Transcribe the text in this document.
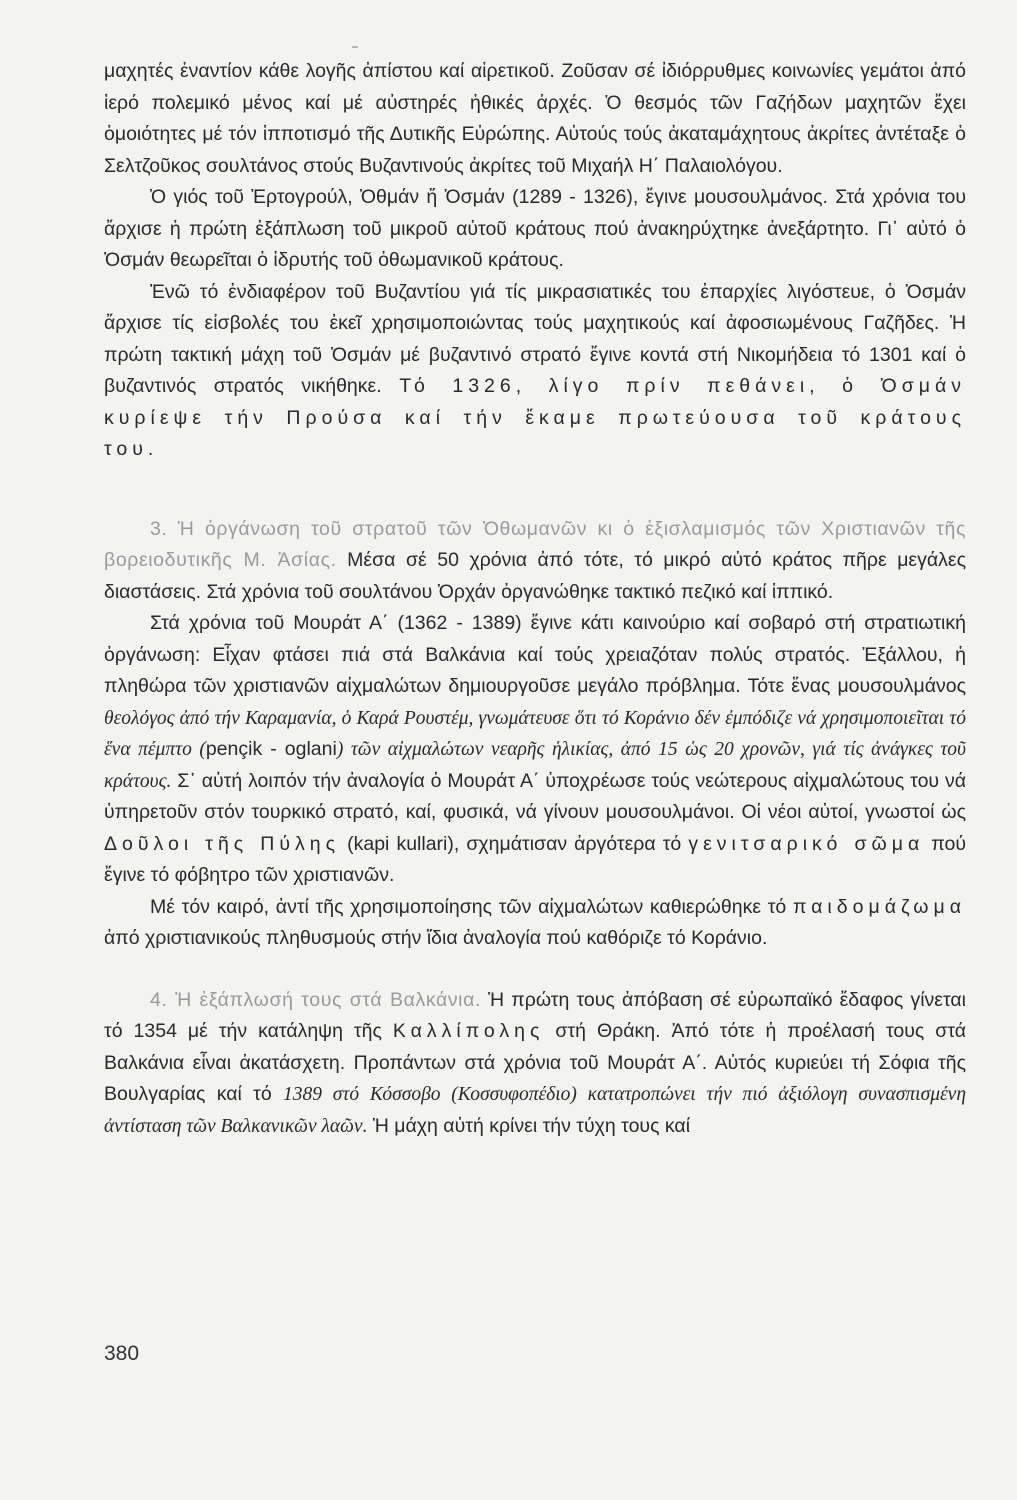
μαχητές ἐναντίον κάθε λογῆς ἀπίστου καί αἱρετικοῦ. Ζοῦσαν σέ ἰδιόρρυθμες κοινωνίες γεμάτοι ἀπό ἱερό πολεμικό μένος καί μέ αὐστηρές ἠθικές ἀρχές. Ὁ θεσμός τῶν Γαζήδων μαχητῶν ἔχει ὁμοιότητες μέ τόν ἱπποτισμό τῆς Δυτικῆς Εὐρώπης. Αὐτούς τούς ἀκαταμάχητους ἀκρίτες ἀντέταξε ὁ Σελτζοῦκος σουλτάνος στούς Βυζαντινούς ἀκρίτες τοῦ Μιχαήλ Η΄ Παλαιολόγου.

Ὁ γιός τοῦ Ἐρτογρούλ, Ὀθμάν ἤ Ὀσμάν (1289 - 1326), ἔγινε μουσουλμάνος. Στά χρόνια του ἄρχισε ἡ πρώτη ἐξάπλωση τοῦ μικροῦ αὐτοῦ κράτους πού ἀνακηρύχτηκε ἀνεξάρτητο. Γι᾽ αὐτό ὁ Ὀσμάν θεωρεῖται ὁ ἱδρυτής τοῦ ὀθωμανικοῦ κράτους.

Ἐνῶ τό ἐνδιαφέρον τοῦ Βυζαντίου γιά τίς μικρασιατικές του ἐπαρχίες λιγόστευε, ὁ Ὀσμάν ἄρχισε τίς εἰσβολές του ἐκεῖ χρησιμοποιώντας τούς μαχητικούς καί ἀφοσιωμένους Γαζῆδες. Ἡ πρώτη τακτική μάχη τοῦ Ὀσμάν μέ βυζαντινό στρατό ἔγινε κοντά στή Νικομήδεια τό 1301 καί ὁ βυζαντινός στρατός νικήθηκε. Τό 1326, λίγο πρίν πεθάνει, ὁ Ὀσμάν κυρίεψε τήν Προύσα καί τήν ἔκαμε πρωτεύουσα τοῦ κράτους του.

3. Ἡ ὀργάνωση τοῦ στρατοῦ τῶν Ὀθωμανῶν κι ὁ ἐξισλαμισμός τῶν Χριστιανῶν τῆς βορειοδυτικῆς Μ. Ἀσίας. Μέσα σέ 50 χρόνια ἀπό τότε, τό μικρό αὐτό κράτος πῆρε μεγάλες διαστάσεις. Στά χρόνια τοῦ σουλτάνου Ὀρχάν ὀργανώθηκε τακτικό πεζικό καί ἱππικό.

Στά χρόνια τοῦ Μουράτ Α΄ (1362 - 1389) ἔγινε κάτι καινούριο καί σοβαρό στή στρατιωτική ὀργάνωση: Εἶχαν φτάσει πιά στά Βαλκάνια καί τούς χρειαζόταν πολύς στρατός. Ἐξάλλου, ἡ πληθώρα τῶν χριστιανῶν αἰχμαλώτων δημιουργοῦσε μεγάλο πρόβλημα. Τότε ἕνας μουσουλμάνος θεολόγος ἀπό τήν Καραμανία, ὁ Καρά Ρουστέμ, γνωμάτευσε ὅτι τό Κοράνιο δέν ἐμπόδιζε νά χρησιμοποιεῖται τό ἕνα πέμπτο (pençik - oglani) τῶν αἰχμαλώτων νεαρῆς ἡλικίας, ἀπό 15 ὡς 20 χρονῶν, γιά τίς ἀνάγκες τοῦ κράτους. Σ᾽ αὐτή λοιπόν τήν ἀναλογία ὁ Μουράτ Α΄ ὑποχρέωσε τούς νεώτερους αἰχμαλώτους του νά ὑπηρετοῦν στόν τουρκικό στρατό, καί, φυσικά, νά γίνουν μουσουλμάνοι. Οἱ νέοι αὐτοί, γνωστοί ὡς Δοῦλοι τῆς Πύλης (kapi kullari), σχημάτισαν ἀργότερα τό γενιτσαρικό σῶμα πού ἔγινε τό φόβητρο τῶν χριστιανῶν.

Μέ τόν καιρό, ἀντί τῆς χρησιμοποίησης τῶν αἰχμαλώτων καθιερώθηκε τό παιδομάζωμα ἀπό χριστιανικούς πληθυσμούς στήν ἴδια ἀναλογία πού καθόριζε τό Κοράνιο.

4. Ἡ ἐξάπλωσή τους στά Βαλκάνια. Ἡ πρώτη τους ἀπόβαση σέ εὐρωπαϊκό ἔδαφος γίνεται τό 1354 μέ τήν κατάληψη τῆς Καλλίπολης στή Θράκη. Ἀπό τότε ἡ προέλασή τους στά Βαλκάνια εἶναι ἀκατάσχετη. Προπάντων στά χρόνια τοῦ Μουράτ Α΄. Αὐτός κυριεύει τή Σόφια τῆς Βουλγαρίας καί τό 1389 στό Κόσσοβο (Κοσσυφοπέδιο) κατατροπώνει τήν πιό ἀξιόλογη συνασπισμένη ἀντίσταση τῶν Βαλκανικῶν λαῶν. Ἡ μάχη αὐτή κρίνει τήν τύχη τους καί

380
